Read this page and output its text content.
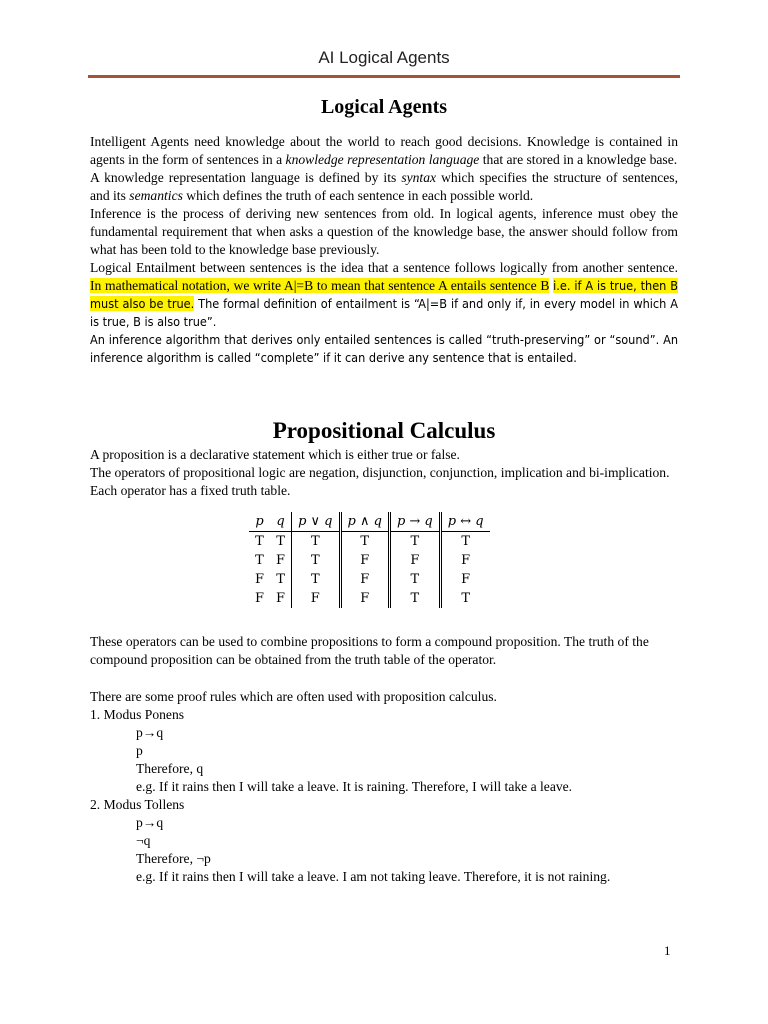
AI Logical Agents
Logical Agents
Intelligent Agents need knowledge about the world to reach good decisions. Knowledge is contained in agents in the form of sentences in a knowledge representation language that are stored in a knowledge base.
A knowledge representation language is defined by its syntax which specifies the structure of sentences, and its semantics which defines the truth of each sentence in each possible world.
Inference is the process of deriving new sentences from old. In logical agents, inference must obey the fundamental requirement that when asks a question of the knowledge base, the answer should follow from what has been told to the knowledge base previously.
Logical Entailment between sentences is the idea that a sentence follows logically from another sentence. In mathematical notation, we write A|=B to mean that sentence A entails sentence B i.e. if A is true, then B must also be true. The formal definition of entailment is “A|=B if and only if, in every model in which A is true, B is also true”.
An inference algorithm that derives only entailed sentences is called “truth-preserving” or “sound”. An inference algorithm is called “complete” if it can derive any sentence that is entailed.
Propositional Calculus
A proposition is a declarative statement which is either true or false.
The operators of propositional logic are negation, disjunction, conjunction, implication and bi-implication. Each operator has a fixed truth table.
p	q	p ∨ q	p ∧ q	p → q	p ↔ q
T	T	T	T	T	T
T	F	T	F	F	F
F	T	T	F	T	F
F	F	F	F	T	T
These operators can be used to combine propositions to form a compound proposition. The truth of the compound proposition can be obtained from the truth table of the operator.
There are some proof rules which are often used with proposition calculus.
1. Modus Ponens
p→q
p
Therefore, q
e.g. If it rains then I will take a leave. It is raining. Therefore, I will take a leave.
2. Modus Tollens
p→q
¬q
Therefore, ¬p
e.g. If it rains then I will take a leave. I am not taking leave. Therefore, it is not raining.
1
